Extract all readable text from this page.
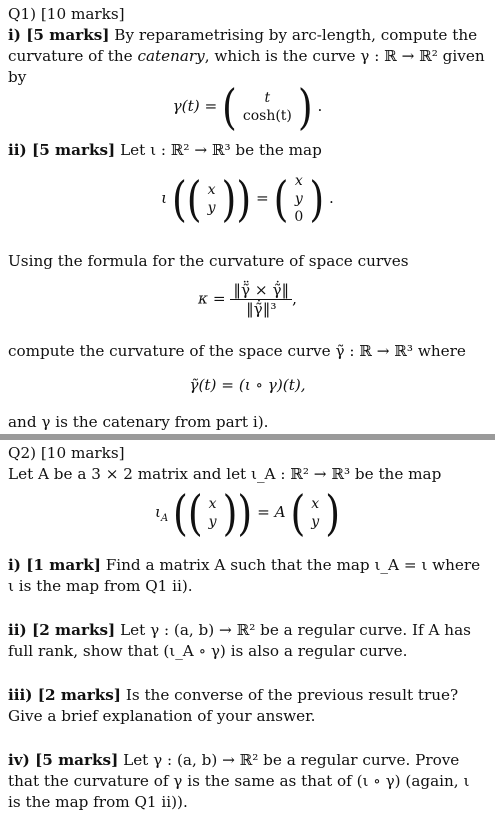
Q1) [10 marks]
i) [5 marks] By reparametrising by arc-length, compute the curvature of the catenary, which is the curve γ : ℝ → ℝ² given by
γ(t) = (	t
cosh(t) ) .
ii) [5 marks] Let ι : ℝ² → ℝ³ be the map
ι (( x
y )) = ( x
y
0 ) .
Using the formula for the curvature of space curves
$\kappa = \frac{‖\gammã̈ \times \gammã̇‖}{\text{‖γ̃̇‖³}}$ ,
compute the curvature of the space curve γ̃ : ℝ → ℝ³ where
γ̃(t) = (ι ∘ γ)(t),
and γ is the catenary from part i).
Q2) [10 marks]
Let A be a 3 × 2 matrix and let ι_A : ℝ² → ℝ³ be the map
$\iota_A$ (( x
y )) = A ( x
y )
i) [1 mark] Find a matrix A such that the map ι_A = ι where ι is the map from Q1 ii).
ii) [2 marks] Let γ : (a, b) → ℝ² be a regular curve. If A has full rank, show that (ι_A ∘ γ) is also a regular curve.
iii) [2 marks] Is the converse of the previous result true? Give a brief explanation of your answer.
iv) [5 marks] Let γ : (a, b) → ℝ² be a regular curve. Prove that the curvature of γ is the same as that of (ι ∘ γ) (again, ι is the map from Q1 ii)).
